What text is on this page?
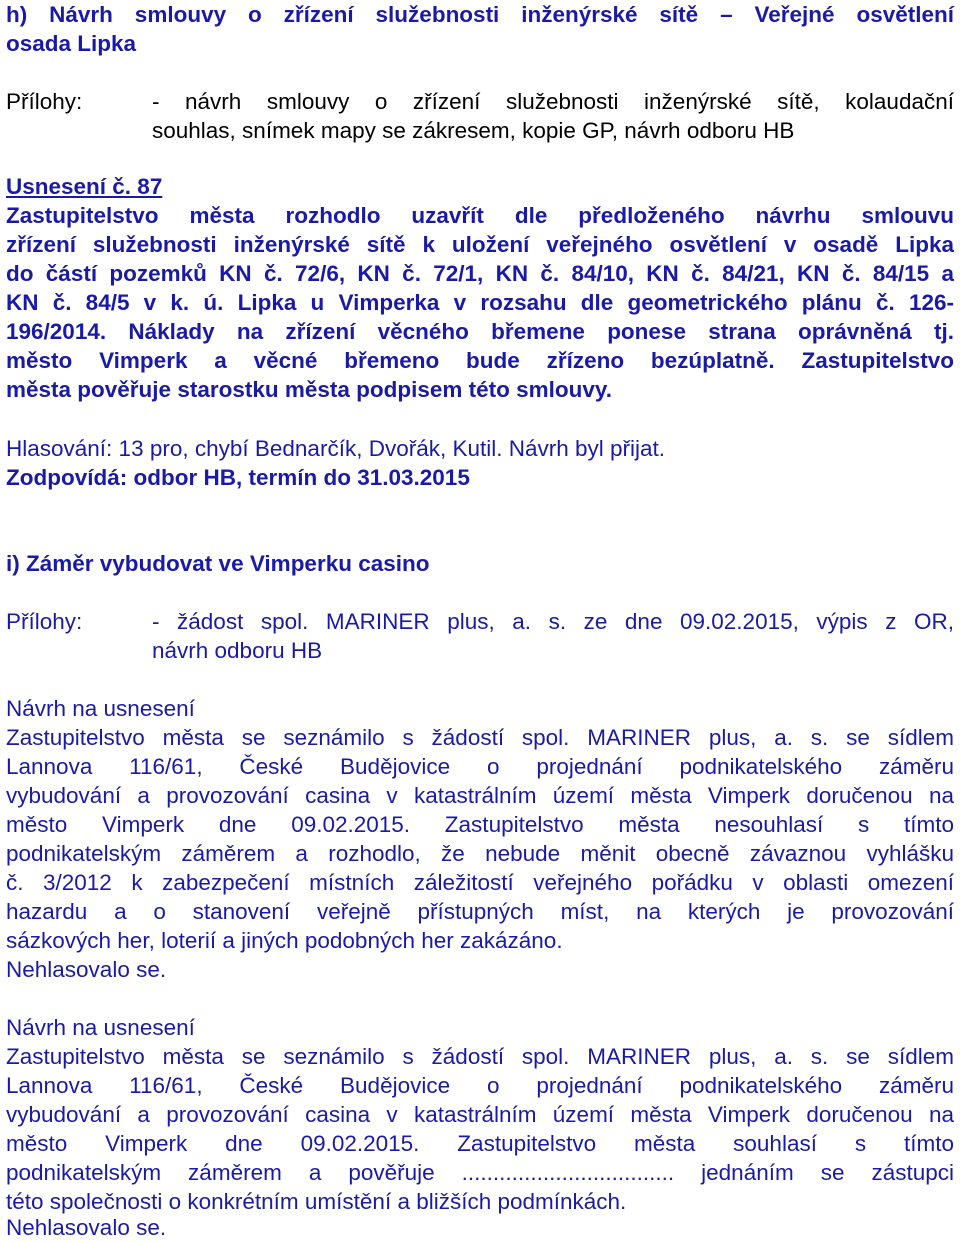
h) Návrh smlouvy o zřízení služebnosti inženýrské sítě – Veřejné osvětlení
osada Lipka
Přílohy:	- návrh smlouvy o zřízení služebnosti inženýrské sítě, kolaudační
souhlas, snímek mapy se zákresem, kopie GP, návrh odboru HB
Usnesení č. 87
Zastupitelstvo města rozhodlo uzavřít dle předloženého návrhu smlouvu
zřízení služebnosti inženýrské sítě k uložení veřejného osvětlení v osadě Lipka
do částí pozemků KN č. 72/6, KN č. 72/1, KN č. 84/10, KN č. 84/21, KN č. 84/15 a
KN č. 84/5 v k. ú. Lipka u Vimperka v rozsahu dle geometrického plánu č. 126-
196/2014. Náklady na zřízení věcného břemene ponese strana oprávněná tj.
město Vimperk a věcné břemeno bude zřízeno bezúplatně. Zastupitelstvo
města pověřuje starostku města podpisem této smlouvy.
Hlasování: 13 pro, chybí Bednarčík, Dvořák, Kutil. Návrh byl přijat.
Zodpovídá: odbor HB, termín do 31.03.2015
i) Záměr vybudovat ve Vimperku casino
Přílohy:	- žádost spol. MARINER plus, a. s. ze dne 09.02.2015, výpis z OR,
návrh odboru HB
Návrh na usnesení
Zastupitelstvo města se seznámilo s žádostí spol. MARINER plus, a. s. se sídlem
Lannova 116/61, České Budějovice o projednání podnikatelského záměru
vybudování a provozování casina v katastrálním území města Vimperk doručenou na
město Vimperk dne 09.02.2015. Zastupitelstvo města nesouhlasí s tímto
podnikatelským záměrem a rozhodlo, že nebude měnit obecně závaznou vyhlášku
č. 3/2012 k zabezpečení místních záležitostí veřejného pořádku v oblasti omezení
hazardu a o stanovení veřejně přístupných míst, na kterých je provozování
sázkových her, loterií a jiných podobných her zakázáno.
Nehlasovalo se.
Návrh na usnesení
Zastupitelstvo města se seznámilo s žádostí spol. MARINER plus, a. s. se sídlem
Lannova 116/61, České Budějovice o projednání podnikatelského záměru
vybudování a provozování casina v katastrálním území města Vimperk doručenou na
město Vimperk dne 09.02.2015. Zastupitelstvo města souhlasí s tímto
podnikatelským záměrem a pověřuje .................................. jednáním se zástupci
této společnosti o konkrétním umístění a bližších podmínkách.
Nehlasovalo se.
